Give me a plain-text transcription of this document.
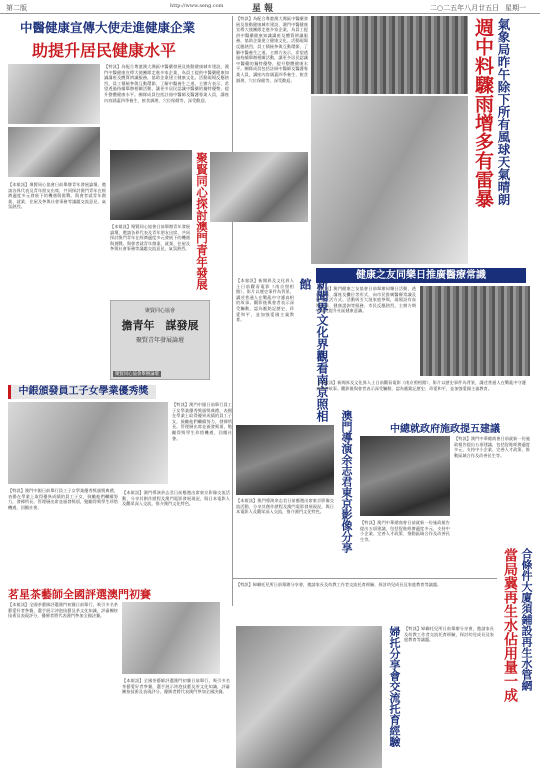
第二版	http://www.seng.com	星 報	二○二五年八月廿五日 星期一
中醫健康宣傳大使走進健康企業
助提升居民健康水平
【特訊】為配合粵港澳大灣區中醫藥發展及推動健康城市建設，澳門中醫健康宣傳大使團隊走進多家企業，為員工提供中醫藥健康知識講座及體質辨識服務，協助企業建立健康文化。活動現場反應熱烈，員工積極參與互動環節，了解中醫養生之道。主辦方表示，希望透過持續舉辦相關活動，讓更多居民認識中醫藥的獨特優勢，提升整體健康水平。團隊成員包括註冊中醫師及醫護專業人員，講座內容涵蓋四季養生、飲食調理、穴位保健等，深受歡迎。
【特訊】為配合粵港澳大灣區中醫藥發展及推動健康城市建設，澳門中醫健康宣傳大使團隊走進多家企業，為員工提供中醫藥健康知識講座及體質辨識服務，協助企業建立健康文化。活動現場反應熱烈，員工積極參與互動環節，了解中醫養生之道。主辦方表示，希望透過持續舉辦相關活動，讓更多居民認識中醫藥的獨特優勢，提升整體健康水平。團隊成員包括註冊中醫師及醫護專業人員，講座內容涵蓋四季養生、飲食調理、穴位保健等，深受歡迎。	氣象局昨午除下所有風球天氣晴朗
週中料驟雨增多有雷暴
聚賢同心探討澳門青年發展
【本報訊】聚賢同心協會日前舉辦青年發展論壇，邀請各界代表及青年朋友出席，共同探討澳門青年在經濟適度多元發展下的機遇與挑戰。與會者就青年創業、就業、住屋及參與社會事務等議題交流意見，氣氛熱烈。
【本報訊】聚賢同心協會日前舉辦青年發展論壇，邀請各界代表及青年朋友出席，共同探討澳門青年在經濟適度多元發展下的機遇與挑戰。與會者就青年創業、就業、住屋及參與社會事務等議題交流意見，氣氛熱烈。
聚賢同心協會
擔青年　謀發展
聚賢青年發展論壇
聚賢同心協會舉辦論壇
健康之友同樂日推廣醫療常識
【特訊】澳門健康之友協會日前舉辦同樂日活動，透過遊戲、講座及攤位等形式，向市民推廣醫療常識及健康生活方式。活動吸引大批家庭參與，現場設有血壓測量、健康諮詢等服務，市民反應熱烈，主辦方期望藉此提升社區健康意識。
新聞界文化界觀看南京照相館
【本報訊】新聞界及文化界人士日前觀看電影《南京照相館》，影片以歷史事件為背景，講述普通人在戰亂中守護真相的故事。觀影後與會者表示深受觸動，認為應銘記歷史、珍愛和平，並加強愛國主義教育。
【本報訊】新聞界及文化界人士日前觀看電影《南京照相館》，影片以歷史事件為背景，講述普通人在戰亂中守護真相的故事。觀影後與會者表示深受觸動，認為應銘記歷史、珍愛和平，並加強愛國主義教育。
中銀頒發員工子女學業優秀獎
【特訊】澳門中銀日前舉行員工子女學業優秀獎頒獎典禮，表揚在學業上取得優異成績的員工子女，鼓勵他們繼續努力，發揮所長。管理層出席並頒發獎項，勉勵得獎學生珍惜機遇、回饋社會。
【特訊】澳門中銀日前舉行員工子女學業優秀獎頒獎典禮，表揚在學業上取得優異成績的員工子女，鼓勵他們繼續努力，發揮所長。管理層出席並頒發獎項，勉勵得獎學生珍惜機遇、回饋社會。	澳門導演余志君東京影像分享
【本報訊】澳門導演余志君日前應邀出席東京影像交流活動，分享其創作歷程及澳門電影發展現況，與日本電影人及觀眾深入交流，推介澳門文化特色。
【本報訊】澳門導演余志君日前應邀出席東京影像交流活動，分享其創作歷程及澳門電影發展現況，與日本電影人及觀眾深入交流，推介澳門文化特色。
中總就政府施政提五建議
【特訊】澳門中華總商會日前就新一份施政報告提出五項建議，包括促進經濟適度多元、支持中小企業、完善人才政策、推動區域合作及改善民生等。
【特訊】澳門中華總商會日前就新一份施政報告提出五項建議，包括促進經濟適度多元、支持中小企業、完善人才政策、推動區域合作及改善民生等。
茗星茶藝師全國評選澳門初賽
【本報訊】全國茶藝師評選澳門初賽日前舉行，吸引多名茶藝愛好者參賽，選手展示沖泡技藝及茶文化知識，評審團按技術及表現評分，優勝者將代表澳門參加全國決賽。
【本報訊】全國茶藝師評選澳門初賽日前舉行，吸引多名茶藝愛好者參賽，選手展示沖泡技藝及茶文化知識，評審團按技術及表現評分，優勝者將代表澳門參加全國決賽。
【特訊】婦聯托兒所日前舉辦分享會，邀請家長及幼教工作者交流托育經驗，探討幼兒成長及家庭教育等議題。
婦托分享會交流托育經驗 【特訊】婦聯托兒所日前舉辦分享會，邀請家長及幼教工作者交流托育經驗，探討幼兒成長及家庭教育等議題。	合條件大廈須鋪設再生水管網
當局冀再生水佔用量一成
